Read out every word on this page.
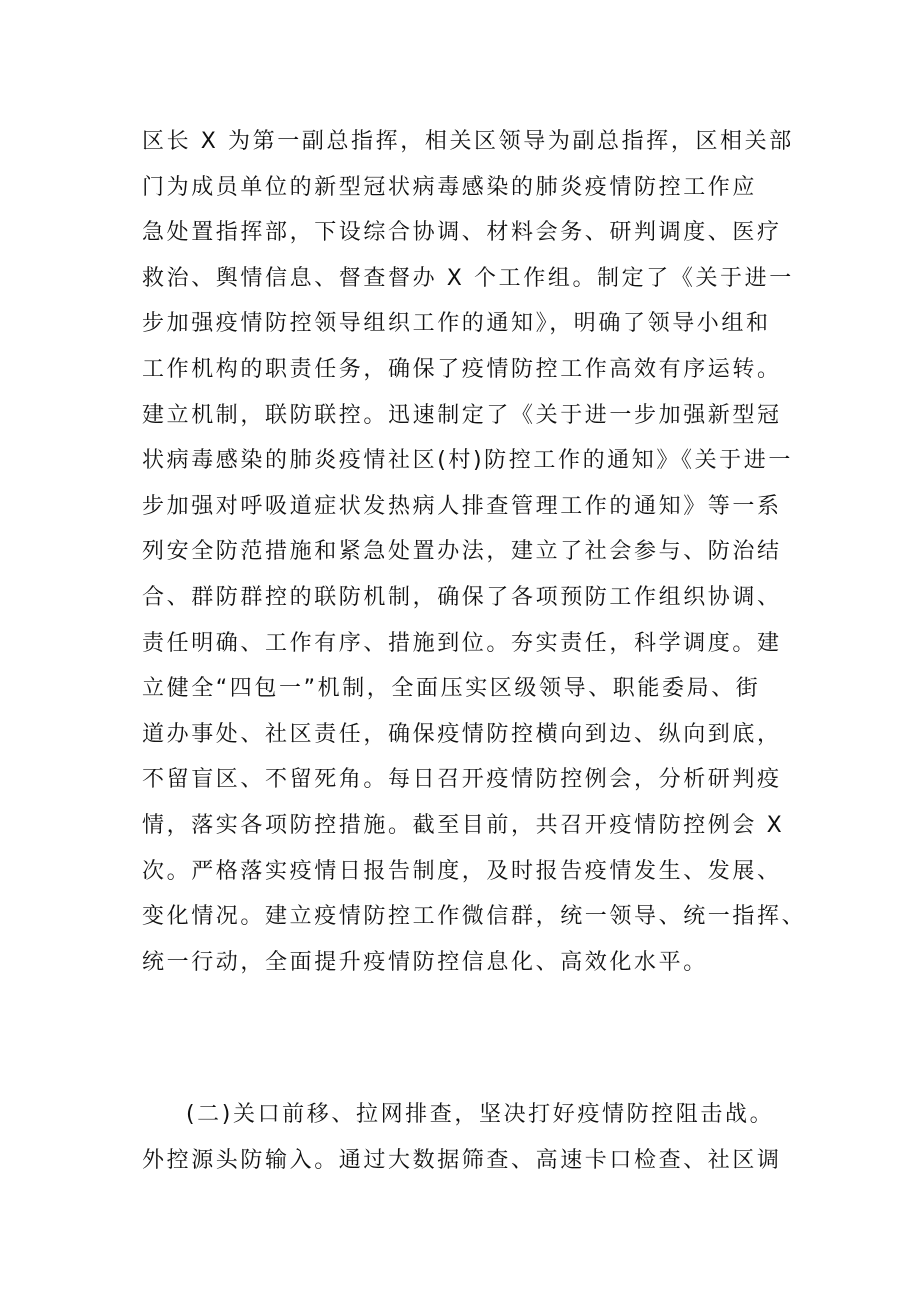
区长 X 为第一副总指挥，相关区领导为副总指挥，区相关部
门为成员单位的新型冠状病毒感染的肺炎疫情防控工作应
急处置指挥部，下设综合协调、材料会务、研判调度、医疗
救治、舆情信息、督查督办 X 个工作组。制定了《关于进一
步加强疫情防控领导组织工作的通知》，明确了领导小组和
工作机构的职责任务，确保了疫情防控工作高效有序运转。
建立机制，联防联控。迅速制定了《关于进一步加强新型冠
状病毒感染的肺炎疫情社区(村)防控工作的通知》《关于进一
步加强对呼吸道症状发热病人排查管理工作的通知》等一系
列安全防范措施和紧急处置办法，建立了社会参与、防治结
合、群防群控的联防机制，确保了各项预防工作组织协调、
责任明确、工作有序、措施到位。夯实责任，科学调度。建
立健全“四包一”机制，全面压实区级领导、职能委局、街
道办事处、社区责任，确保疫情防控横向到边、纵向到底，
不留盲区、不留死角。每日召开疫情防控例会，分析研判疫
情，落实各项防控措施。截至目前，共召开疫情防控例会 X
次。严格落实疫情日报告制度，及时报告疫情发生、发展、
变化情况。建立疫情防控工作微信群，统一领导、统一指挥、
统一行动，全面提升疫情防控信息化、高效化水平。
(二)关口前移、拉网排查，坚决打好疫情防控阻击战。
外控源头防输入。通过大数据筛查、高速卡口检查、社区调
